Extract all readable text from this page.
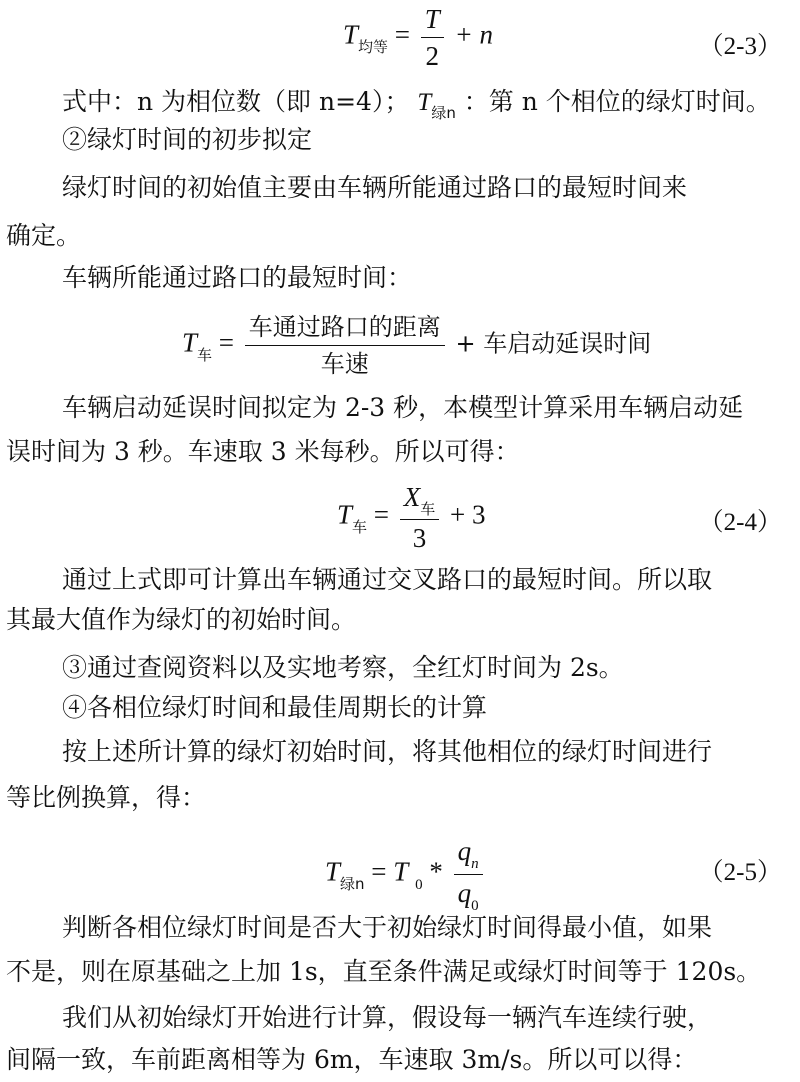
$T_{均等} = \frac{T}{2} + n$	（2-3）
式中：n 为相位数（即 n=4）； $T_{绿n}$ ：第 n 个相位的绿灯时间。
②绿灯时间的初步拟定
绿灯时间的初始值主要由车辆所能通过路口的最短时间来
确定。
车辆所能通过路口的最短时间：
$T_车 = \frac{\text{车通过路口的距离}}{\text{车速}}$ + 车启动延误时间
车辆启动延误时间拟定为 2-3 秒，本模型计算采用车辆启动延
误时间为 3 秒。车速取 3 米每秒。所以可得：
$T_车 = \frac{X_车}{3} + 3$	（2-4）
通过上式即可计算出车辆通过交叉路口的最短时间。所以取
其最大值作为绿灯的初始时间。
③通过查阅资料以及实地考察，全红灯时间为 2s。
④各相位绿灯时间和最佳周期长的计算
按上述所计算的绿灯初始时间，将其他相位的绿灯时间进行
等比例换算，得：
$T_{绿n} = T$ $_0 * \frac{q_n}{q_0}$	（2-5）
判断各相位绿灯时间是否大于初始绿灯时间得最小值，如果
不是，则在原基础之上加 1s，直至条件满足或绿灯时间等于 120s。
我们从初始绿灯开始进行计算，假设每一辆汽车连续行驶，
间隔一致，车前距离相等为 6m，车速取 3m/s。所以可以得：
